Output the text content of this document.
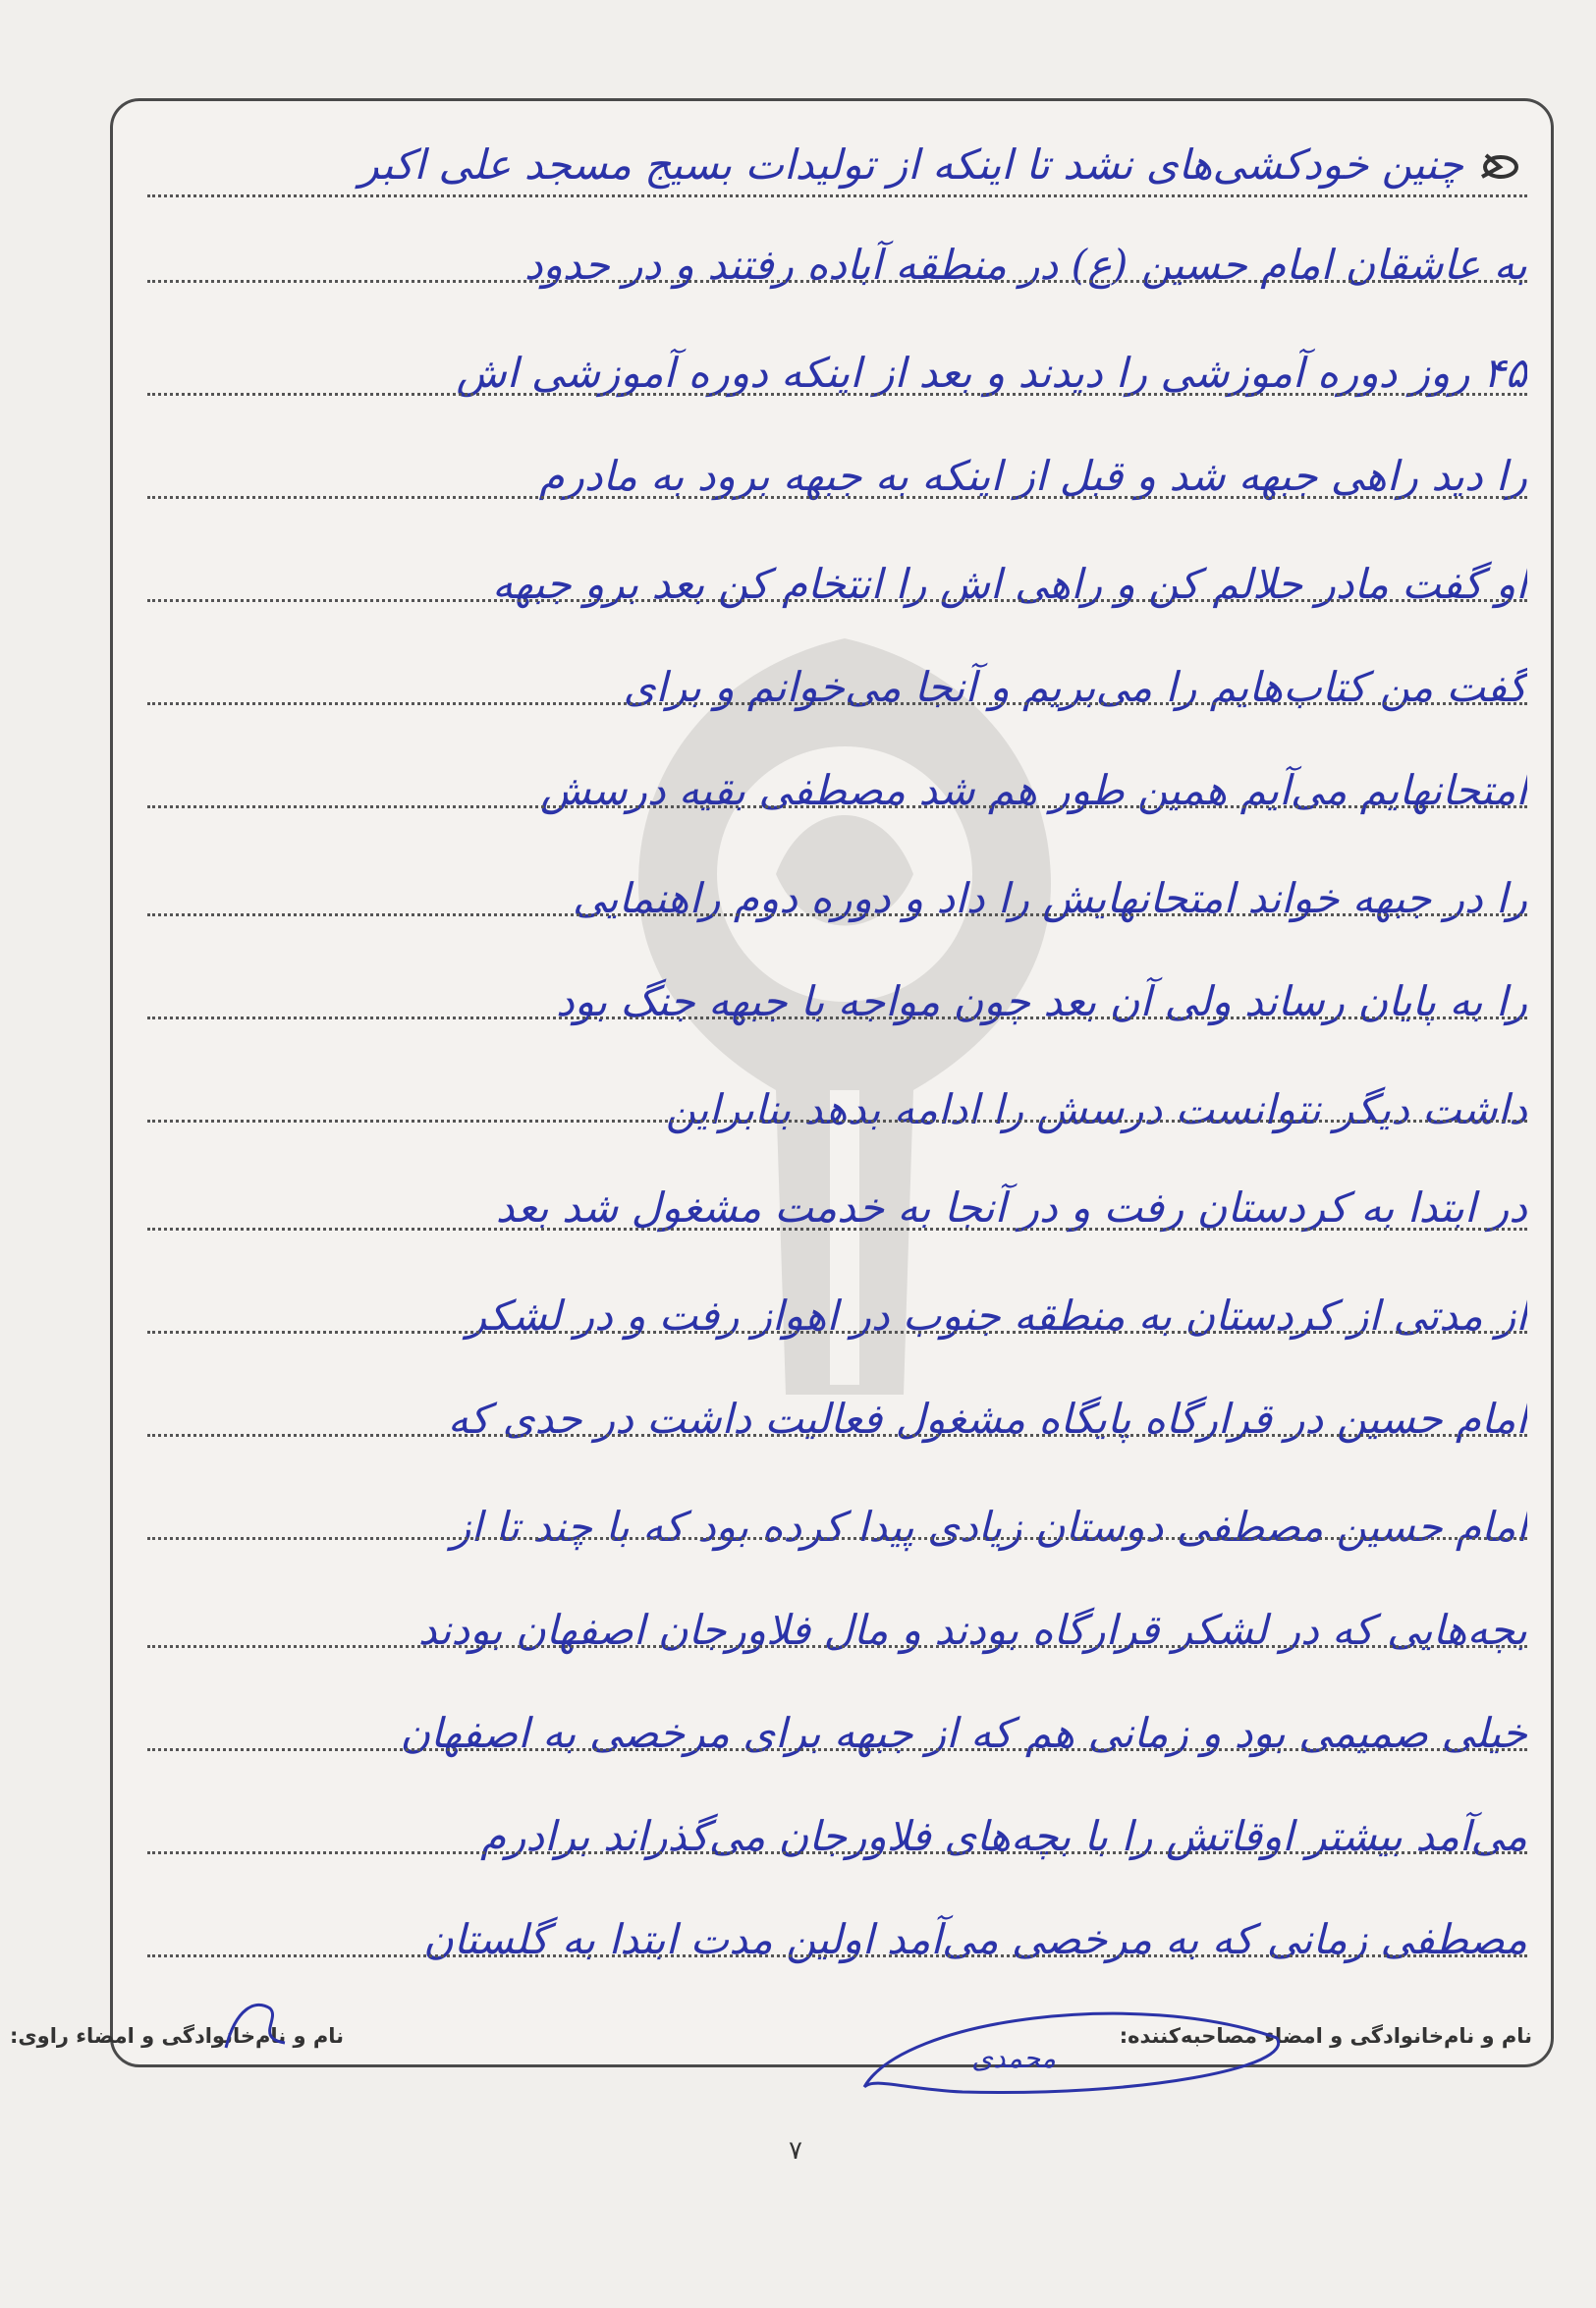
چنین خودکشی‌های نشد تا اینکه از تولیدات بسیج مسجد علی اکبر
به عاشقان امام حسین (ع) در منطقه آباده رفتند و در حدود
۴۵ روز دوره آموزشی را دیدند و بعد از اینکه دوره آموزشی اش
را دید راهی جبهه شد و قبل از اینکه به جبهه برود به مادرم
او گفت مادر حلالم کن و راهی اش را انتخام کن بعد برو جبهه
گفت من کتاب‌هایم را می‌بریم و آنجا می‌خوانم و برای
امتحانهایم می‌آیم همین طور هم شد مصطفی بقیه درسش
را در جبهه خواند امتحانهایش را داد و دوره دوم راهنمایی
را به پایان رساند ولی آن بعد چون مواجه با جبهه جنگ بود
داشت دیگر نتوانست درسش را ادامه بدهد بنابراین
در ابتدا به کردستان رفت و در آنجا به خدمت مشغول شد بعد
از مدتی از کردستان به منطقه جنوب در اهواز رفت و در لشکر
امام حسین در قرارگاه پایگاه مشغول فعالیت داشت در حدی که
امام حسین مصطفی دوستان زیادی پیدا کرده بود که با چند تا از
بچه‌هایی که در لشکر قرارگاه بودند و مال فلاورجان اصفهان بودند
خیلی صمیمی بود و زمانی هم که از جبهه برای مرخصی به اصفهان
می‌آمد بیشتر اوقاتش را با بچه‌های فلاورجان می‌گذراند برادرم
مصطفی زمانی که به مرخصی می‌آمد اولین مدت ابتدا به گلستان
نام و نام‌خانوادگی و امضاء راوی:	نام و نام‌خانوادگی و امضاء مصاحبه‌کننده:
محمدی
۷
